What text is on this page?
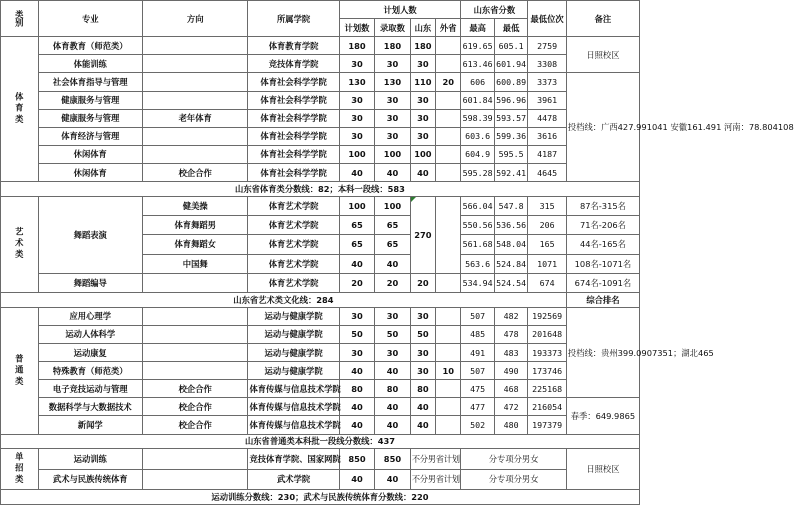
类别	专业	方向	所属学院	计划人数				山东省分数		最低位次	备注
				计划数	录取数	山东	外省	最高	最低		
体育类	体育教育（师范类）		体育教育学院	180	180	180		619.65	605.1	2759	日照校区
	体能训练		竞技体育学院	30	30	30		613.46	601.94	3308	
	社会体育指导与管理		体育社会科学学院	130	130	110	20	606	600.89	3373	投档线：广西427.991041 安徽161.491 河南：78.804108
	健康服务与管理		体育社会科学学院	30	30	30		601.84	596.96	3961	
	健康服务与管理	老年体育	体育社会科学学院	30	30	30		598.39	593.57	4478	
	体育经济与管理		体育社会科学学院	30	30	30		603.6	599.36	3616	
	休闲体育		体育社会科学学院	100	100	100		604.9	595.5	4187	
	休闲体育	校企合作	体育社会科学学院	40	40	40		595.28	592.41	4645	
山东省体育类分数线：82；本科一段线：583											
艺术类	舞蹈表演	健美操	体育艺术学院	100	100	270		566.04	547.8	315	87名-315名
		体育舞蹈男	体育艺术学院	65	65			550.56	536.56	206	71名-206名
		体育舞蹈女	体育艺术学院	65	65			561.68	548.04	165	44名-165名
		中国舞	体育艺术学院	40	40			563.6	524.84	1071	108名-1071名
	舞蹈编导		体育艺术学院	20	20	20		534.94	524.54	674	674名-1091名
山东省艺术类文化线：284											综合排名
普通类	应用心理学		运动与健康学院	30	30	30		507	482	192569	投档线：贵州399.0907351；湖北465
	运动人体科学		运动与健康学院	50	50	50		485	478	201648	
	运动康复		运动与健康学院	30	30	30		491	483	193373	
	特殊教育（师范类）		运动与健康学院	40	40	30	10	507	490	173746	
	电子竞技运动与管理	校企合作	体育传媒与信息技术学院	80	80	80		475	468	225168	
	数据科学与大数据技术	校企合作	体育传媒与信息技术学院	40	40	40		477	472	216054	春季：649.9865
	新闻学	校企合作	体育传媒与信息技术学院	40	40	40		502	480	197379	
山东省普通类本科批一段线分数线：437											
单招类	运动训练		竞技体育学院、国家网院	850	850	不分男省计划		分专项分男女			日照校区
	武术与民族传统体育		武术学院	40	40	不分男省计划		分专项分男女			
运动训练分数线：230；武术与民族传统体育分数线：220											
